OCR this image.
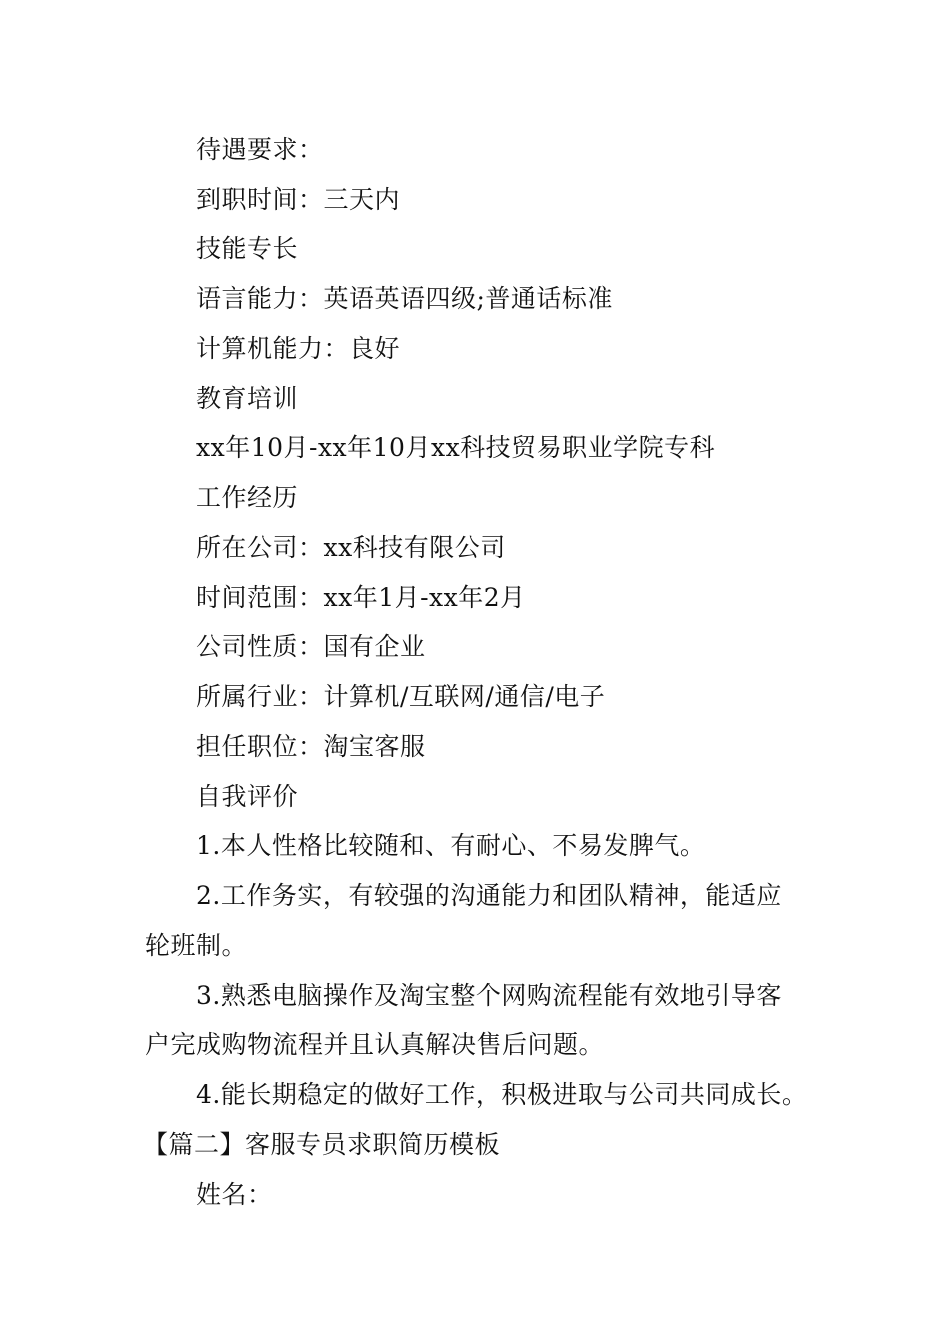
待遇要求：
到职时间：三天内
技能专长
语言能力：英语英语四级;普通话标准
计算机能力：良好
教育培训
xx年10月-xx年10月xx科技贸易职业学院专科
工作经历
所在公司：xx科技有限公司
时间范围：xx年1月-xx年2月
公司性质：国有企业
所属行业：计算机/互联网/通信/电子
担任职位：淘宝客服
自我评价
1.本人性格比较随和、有耐心、不易发脾气。
2.工作务实，有较强的沟通能力和团队精神，能适应
轮班制。
3.熟悉电脑操作及淘宝整个网购流程能有效地引导客
户完成购物流程并且认真解决售后问题。
4.能长期稳定的做好工作，积极进取与公司共同成长。
【篇二】客服专员求职简历模板
姓名：
